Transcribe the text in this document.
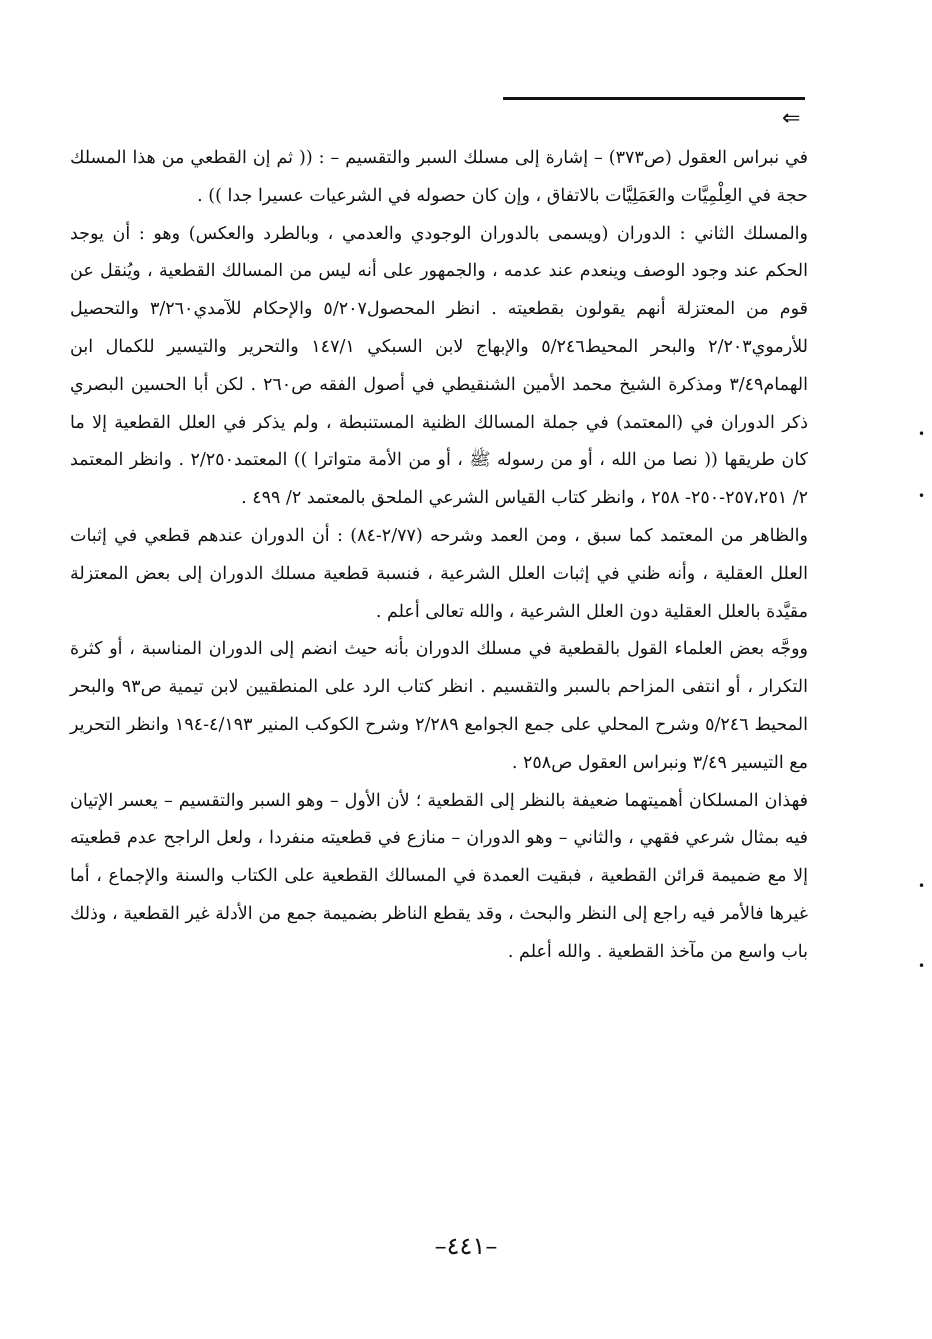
⇐

في نبراس العقول (ص٣٧٣) – إشارة إلى مسلك السبر والتقسيم – : (( ثم إن القطعي من هذا المسلك حجة في العِلْمِيَّات والعَمَلِيَّات بالاتفاق ، وإن كان حصوله في الشرعيات عسيرا جدا )) .

والمسلك الثاني : الدوران (ويسمى بالدوران الوجودي والعدمي ، وبالطرد والعكس) وهو : أن يوجد الحكم عند وجود الوصف وينعدم عند عدمه ، والجمهور على أنه ليس من المسالك القطعية ، ويُنقل عن قوم من المعتزلة أنهم يقولون بقطعيته . انظر المحصول٥/٢٠٧ والإحكام للآمدي٣/٢٦٠ والتحصيل للأرموي٢/٢٠٣ والبحر المحيط٥/٢٤٦ والإبهاج لابن السبكي ١٤٧/١ والتحرير والتيسير للكمال ابن الهمام٣/٤٩ ومذكرة الشيخ محمد الأمين الشنقيطي في أصول الفقه ص٢٦٠ . لكن أبا الحسين البصري ذكر الدوران في (المعتمد) في جملة المسالك الظنية المستنبطة ، ولم يذكر في العلل القطعية إلا ما كان طريقها (( نصا من الله ، أو من رسوله ﷺ ، أو من الأمة متواترا )) المعتمد٢/٢٥٠ . وانظر المعتمد ٢/ ٢٥٧،٢٥١-٢٥٠- ٢٥٨ ، وانظر كتاب القياس الشرعي الملحق بالمعتمد ٢/ ٤٩٩ .

والظاهر من المعتمد كما سبق ، ومن العمد وشرحه (٢/٧٧-٨٤) : أن الدوران عندهم قطعي في إثبات العلل العقلية ، وأنه ظني في إثبات العلل الشرعية ، فنسبة قطعية مسلك الدوران إلى بعض المعتزلة مقيَّدة بالعلل العقلية دون العلل الشرعية ، والله تعالى أعلم .

ووجَّه بعض العلماء القول بالقطعية في مسلك الدوران بأنه حيث انضم إلى الدوران المناسبة ، أو كثرة التكرار ، أو انتفى المزاحم بالسبر والتقسيم . انظر كتاب الرد على المنطقيين لابن تيمية ص٩٣ والبحر المحيط ٥/٢٤٦ وشرح المحلي على جمع الجوامع ٢/٢٨٩ وشرح الكوكب المنير ٤/١٩٣-١٩٤ وانظر التحرير مع التيسير ٣/٤٩ ونبراس العقول ص٢٥٨ .

فهذان المسلكان أهميتهما ضعيفة بالنظر إلى القطعية ؛ لأن الأول – وهو السبر والتقسيم – يعسر الإتيان فيه بمثال شرعي فقهي ، والثاني – وهو الدوران – منازع في قطعيته منفردا ، ولعل الراجح عدم قطعيته إلا مع ضميمة قرائن القطعية ، فبقيت العمدة في المسالك القطعية على الكتاب والسنة والإجماع ، أما غيرها فالأمر فيه راجع إلى النظر والبحث ، وقد يقطع الناظر بضميمة جمع من الأدلة غير القطعية ، وذلك باب واسع من مآخذ القطعية . والله أعلم .

–٤٤١–
•
•
•
•
